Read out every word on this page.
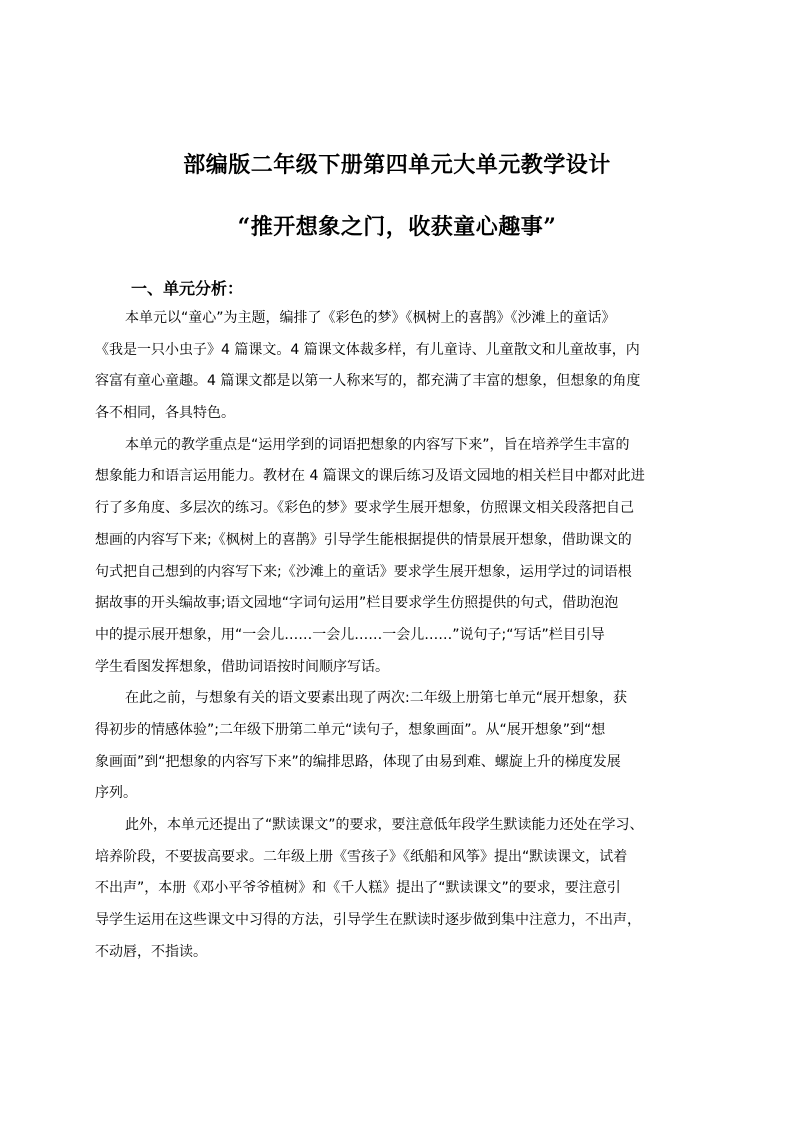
部编版二年级下册第四单元大单元教学设计
“推开想象之门，收获童心趣事”
一、单元分析：
本单元以“童心”为主题，编排了《彩色的梦》《枫树上的喜鹊》《沙滩上的童话》
《我是一只小虫子》4 篇课文。4 篇课文体裁多样，有儿童诗、儿童散文和儿童故事，内
容富有童心童趣。4 篇课文都是以第一人称来写的，都充满了丰富的想象，但想象的角度
各不相同，各具特色。
本单元的教学重点是“运用学到的词语把想象的内容写下来”，旨在培养学生丰富的
想象能力和语言运用能力。教材在 4 篇课文的课后练习及语文园地的相关栏目中都对此进
行了多角度、多层次的练习。《彩色的梦》要求学生展开想象，仿照课文相关段落把自己
想画的内容写下来;《枫树上的喜鹊》引导学生能根据提供的情景展开想象，借助课文的
句式把自己想到的内容写下来;《沙滩上的童话》要求学生展开想象，运用学过的词语根
据故事的开头编故事;语文园地“字词句运用”栏目要求学生仿照提供的句式，借助泡泡
中的提示展开想象，用“一会儿……一会儿……一会儿……”说句子;“写话”栏目引导
学生看图发挥想象，借助词语按时间顺序写话。
在此之前，与想象有关的语文要素出现了两次:二年级上册第七单元“展开想象，获
得初步的情感体验”;二年级下册第二单元“读句子，想象画面”。从“展开想象”到“想
象画面”到“把想象的内容写下来”的编排思路，体现了由易到难、螺旋上升的梯度发展
序列。
此外，本单元还提出了“默读课文”的要求，要注意低年段学生默读能力还处在学习、
培养阶段，不要拔高要求。二年级上册《雪孩子》《纸船和风筝》提出“默读课文，试着
不出声”，本册《邓小平爷爷植树》和《千人糕》提出了“默读课文”的要求，要注意引
导学生运用在这些课文中习得的方法，引导学生在默读时逐步做到集中注意力，不出声，
不动唇，不指读。
